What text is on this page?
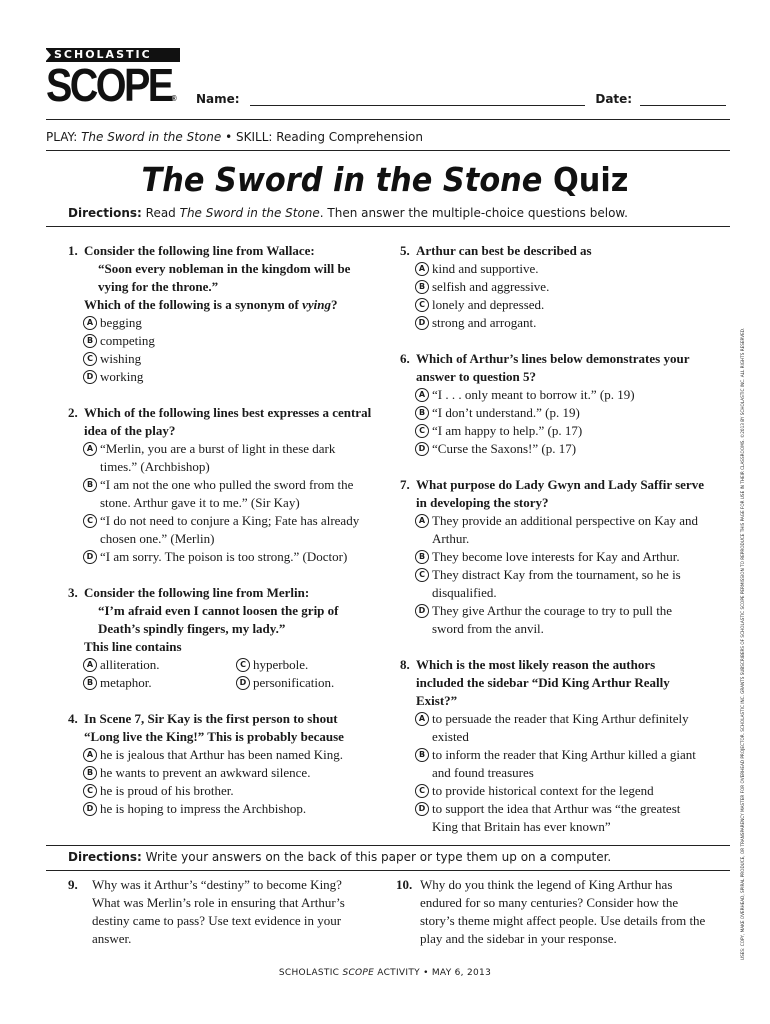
SCHOLASTIC
SCOPE® Name:	Date:
PLAY: The Sword in the Stone • SKILL: Reading Comprehension
The Sword in the Stone Quiz
Directions: Read The Sword in the Stone. Then answer the multiple-choice questions below.
1. Consider the following line from Wallace:
“Soon every nobleman in the kingdom will be vying for the throne.”
Which of the following is a synonym of vying?
A begging
B competing
C wishing
D working
2. Which of the following lines best expresses a central idea of the play?
A “Merlin, you are a burst of light in these dark times.” (Archbishop)
B “I am not the one who pulled the sword from the stone. Arthur gave it to me.” (Sir Kay)
C “I do not need to conjure a King; Fate has already chosen one.” (Merlin)
D “I am sorry. The poison is too strong.” (Doctor)
3. Consider the following line from Merlin:
“I’m afraid even I cannot loosen the grip of Death’s spindly fingers, my lady.”
This line contains
A alliteration.	C hyperbole.
B metaphor.	D personification.
4. In Scene 7, Sir Kay is the first person to shout “Long live the King!” This is probably because
A he is jealous that Arthur has been named King.
B he wants to prevent an awkward silence.
C he is proud of his brother.
D he is hoping to impress the Archbishop.
5. Arthur can best be described as
A kind and supportive.
B selfish and aggressive.
C lonely and depressed.
D strong and arrogant.
6. Which of Arthur’s lines below demonstrates your answer to question 5?
A “I . . . only meant to borrow it.” (p. 19)
B “I don’t understand.” (p. 19)
C “I am happy to help.” (p. 17)
D “Curse the Saxons!” (p. 17)
7. What purpose do Lady Gwyn and Lady Saffir serve in developing the story?
A They provide an additional perspective on Kay and Arthur.
B They become love interests for Kay and Arthur.
C They distract Kay from the tournament, so he is disqualified.
D They give Arthur the courage to try to pull the sword from the anvil.
8. Which is the most likely reason the authors included the sidebar “Did King Arthur Really Exist?”
A to persuade the reader that King Arthur definitely existed
B to inform the reader that King Arthur killed a giant and found treasures
C to provide historical context for the legend
D to support the idea that Arthur was “the greatest King that Britain has ever known”
Directions: Write your answers on the back of this paper or type them up on a computer.
9.	Why was it Arthur’s “destiny” to become King? What was Merlin’s role in ensuring that Arthur’s destiny came to pass? Use text evidence in your answer.
10. Why do you think the legend of King Arthur has endured for so many centuries? Consider how the story’s theme might affect people. Use details from the play and the sidebar in your response.
SCHOLASTIC SCOPE ACTIVITY • MAY 6, 2013
USES: COPY, MAKE OVERHEAD, SPIRAL PRODUCE, OR TRANSPARENCY MASTER FOR OVERHEAD PROJECTOR. SCHOLASTIC INC. GRANTS SUBSCRIBERS OF SCHOLASTIC SCOPE PERMISSION TO REPRODUCE THIS PAGE FOR USE IN THEIR CLASSROOMS. ©2013 BY SCHOLASTIC INC. ALL RIGHTS RESERVED.
